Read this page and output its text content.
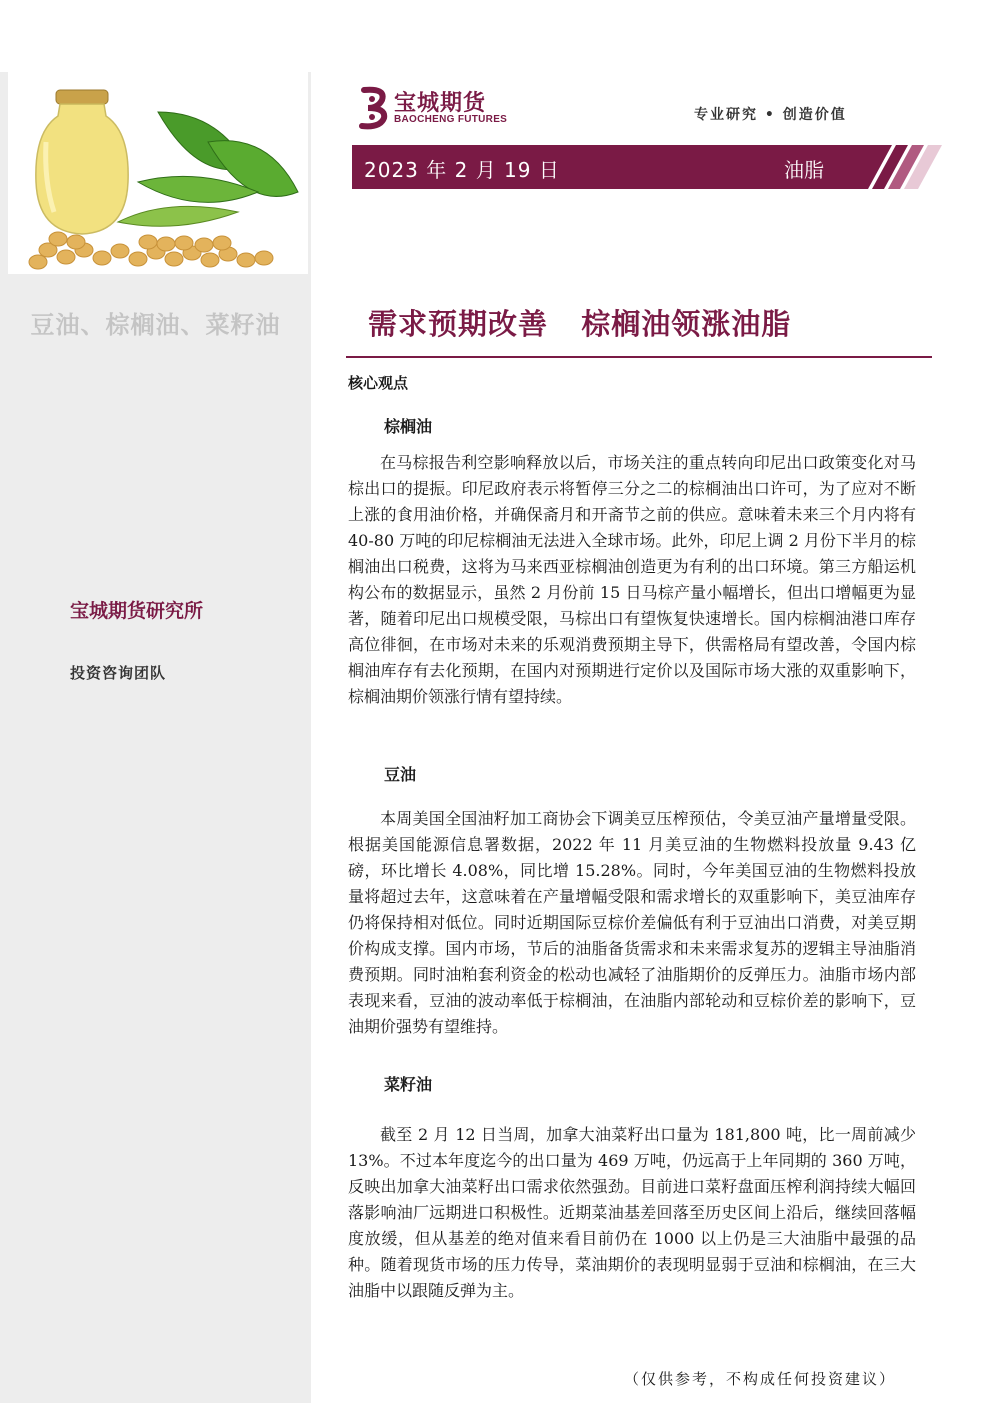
豆油、棕榈油、菜籽油
宝城期货研究所
投资咨询团队
宝城期货
BAOCHENG FUTURES	专业研究 • 创造价值
2023 年 2 月 19 日	油脂
需求预期改善   棕榈油领涨油脂
核心观点
棕榈油

在马棕报告利空影响释放以后，市场关注的重点转向印尼出口政策变化对马棕出口的提振。印尼政府表示将暂停三分之二的棕榈油出口许可，为了应对不断上涨的食用油价格，并确保斋月和开斋节之前的供应。意味着未来三个月内将有 40-80 万吨的印尼棕榈油无法进入全球市场。此外，印尼上调 2 月份下半月的棕榈油出口税费，这将为马来西亚棕榈油创造更为有利的出口环境。第三方船运机构公布的数据显示，虽然 2 月份前 15 日马棕产量小幅增长，但出口增幅更为显著，随着印尼出口规模受限，马棕出口有望恢复快速增长。国内棕榈油港口库存高位徘徊，在市场对未来的乐观消费预期主导下，供需格局有望改善，令国内棕榈油库存有去化预期，在国内对预期进行定价以及国际市场大涨的双重影响下，棕榈油期价领涨行情有望持续。

豆油

本周美国全国油籽加工商协会下调美豆压榨预估，令美豆油产量增量受限。根据美国能源信息署数据，2022 年 11 月美豆油的生物燃料投放量 9.43 亿磅，环比增长 4.08%，同比增 15.28%。同时，今年美国豆油的生物燃料投放量将超过去年，这意味着在产量增幅受限和需求增长的双重影响下，美豆油库存仍将保持相对低位。同时近期国际豆棕价差偏低有利于豆油出口消费，对美豆期价构成支撑。国内市场，节后的油脂备货需求和未来需求复苏的逻辑主导油脂消费预期。同时油粕套利资金的松动也减轻了油脂期价的反弹压力。油脂市场内部表现来看，豆油的波动率低于棕榈油，在油脂内部轮动和豆棕价差的影响下，豆油期价强势有望维持。

菜籽油

截至 2 月 12 日当周，加拿大油菜籽出口量为 181,800 吨，比一周前减少 13%。不过本年度迄今的出口量为 469 万吨，仍远高于上年同期的 360 万吨，反映出加拿大油菜籽出口需求依然强劲。目前进口菜籽盘面压榨利润持续大幅回落影响油厂远期进口积极性。近期菜油基差回落至历史区间上沿后，继续回落幅度放缓，但从基差的绝对值来看目前仍在 1000 以上仍是三大油脂中最强的品种。随着现货市场的压力传导，菜油期价的表现明显弱于豆油和棕榈油，在三大油脂中以跟随反弹为主。

（仅供参考，不构成任何投资建议）
